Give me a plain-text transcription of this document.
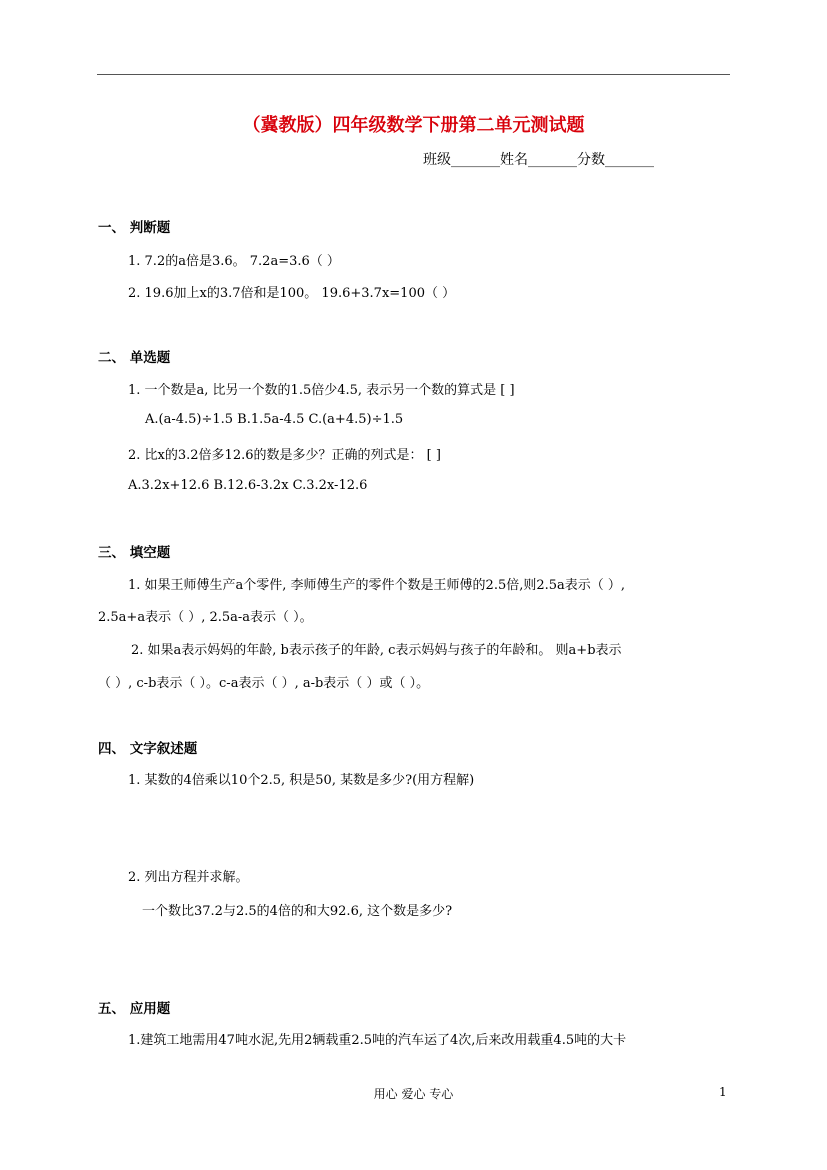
（冀教版）四年级数学下册第二单元测试题
班级_______姓名_______分数_______
一、 判断题
1. 7.2的a倍是3.6。 7.2a=3.6（ ）
2. 19.6加上x的3.7倍和是100。 19.6+3.7x=100（ ）
二、 单选题
1. 一个数是a, 比另一个数的1.5倍少4.5, 表示另一个数的算式是 [ ]
A.(a-4.5)÷1.5 B.1.5a-4.5 C.(a+4.5)÷1.5
2. 比x的3.2倍多12.6的数是多少？正确的列式是： [ ]
A.3.2x+12.6 B.12.6-3.2x C.3.2x-12.6
三、 填空题
1. 如果王师傅生产a个零件, 李师傅生产的零件个数是王师傅的2.5倍,则2.5a表示（ ）,
2.5a+a表示（ ）, 2.5a-a表示（ ）。
2. 如果a表示妈妈的年龄, b表示孩子的年龄, c表示妈妈与孩子的年龄和。 则a+b表示
（ ）, c-b表示（ ）。c-a表示（ ）, a-b表示（ ）或（ ）。
四、 文字叙述题
1. 某数的4倍乘以10个2.5, 积是50, 某数是多少?(用方程解)
2. 列出方程并求解。
一个数比37.2与2.5的4倍的和大92.6, 这个数是多少?
五、 应用题
1.建筑工地需用47吨水泥,先用2辆载重2.5吨的汽车运了4次,后来改用载重4.5吨的大卡
用心 爱心 专心	1
